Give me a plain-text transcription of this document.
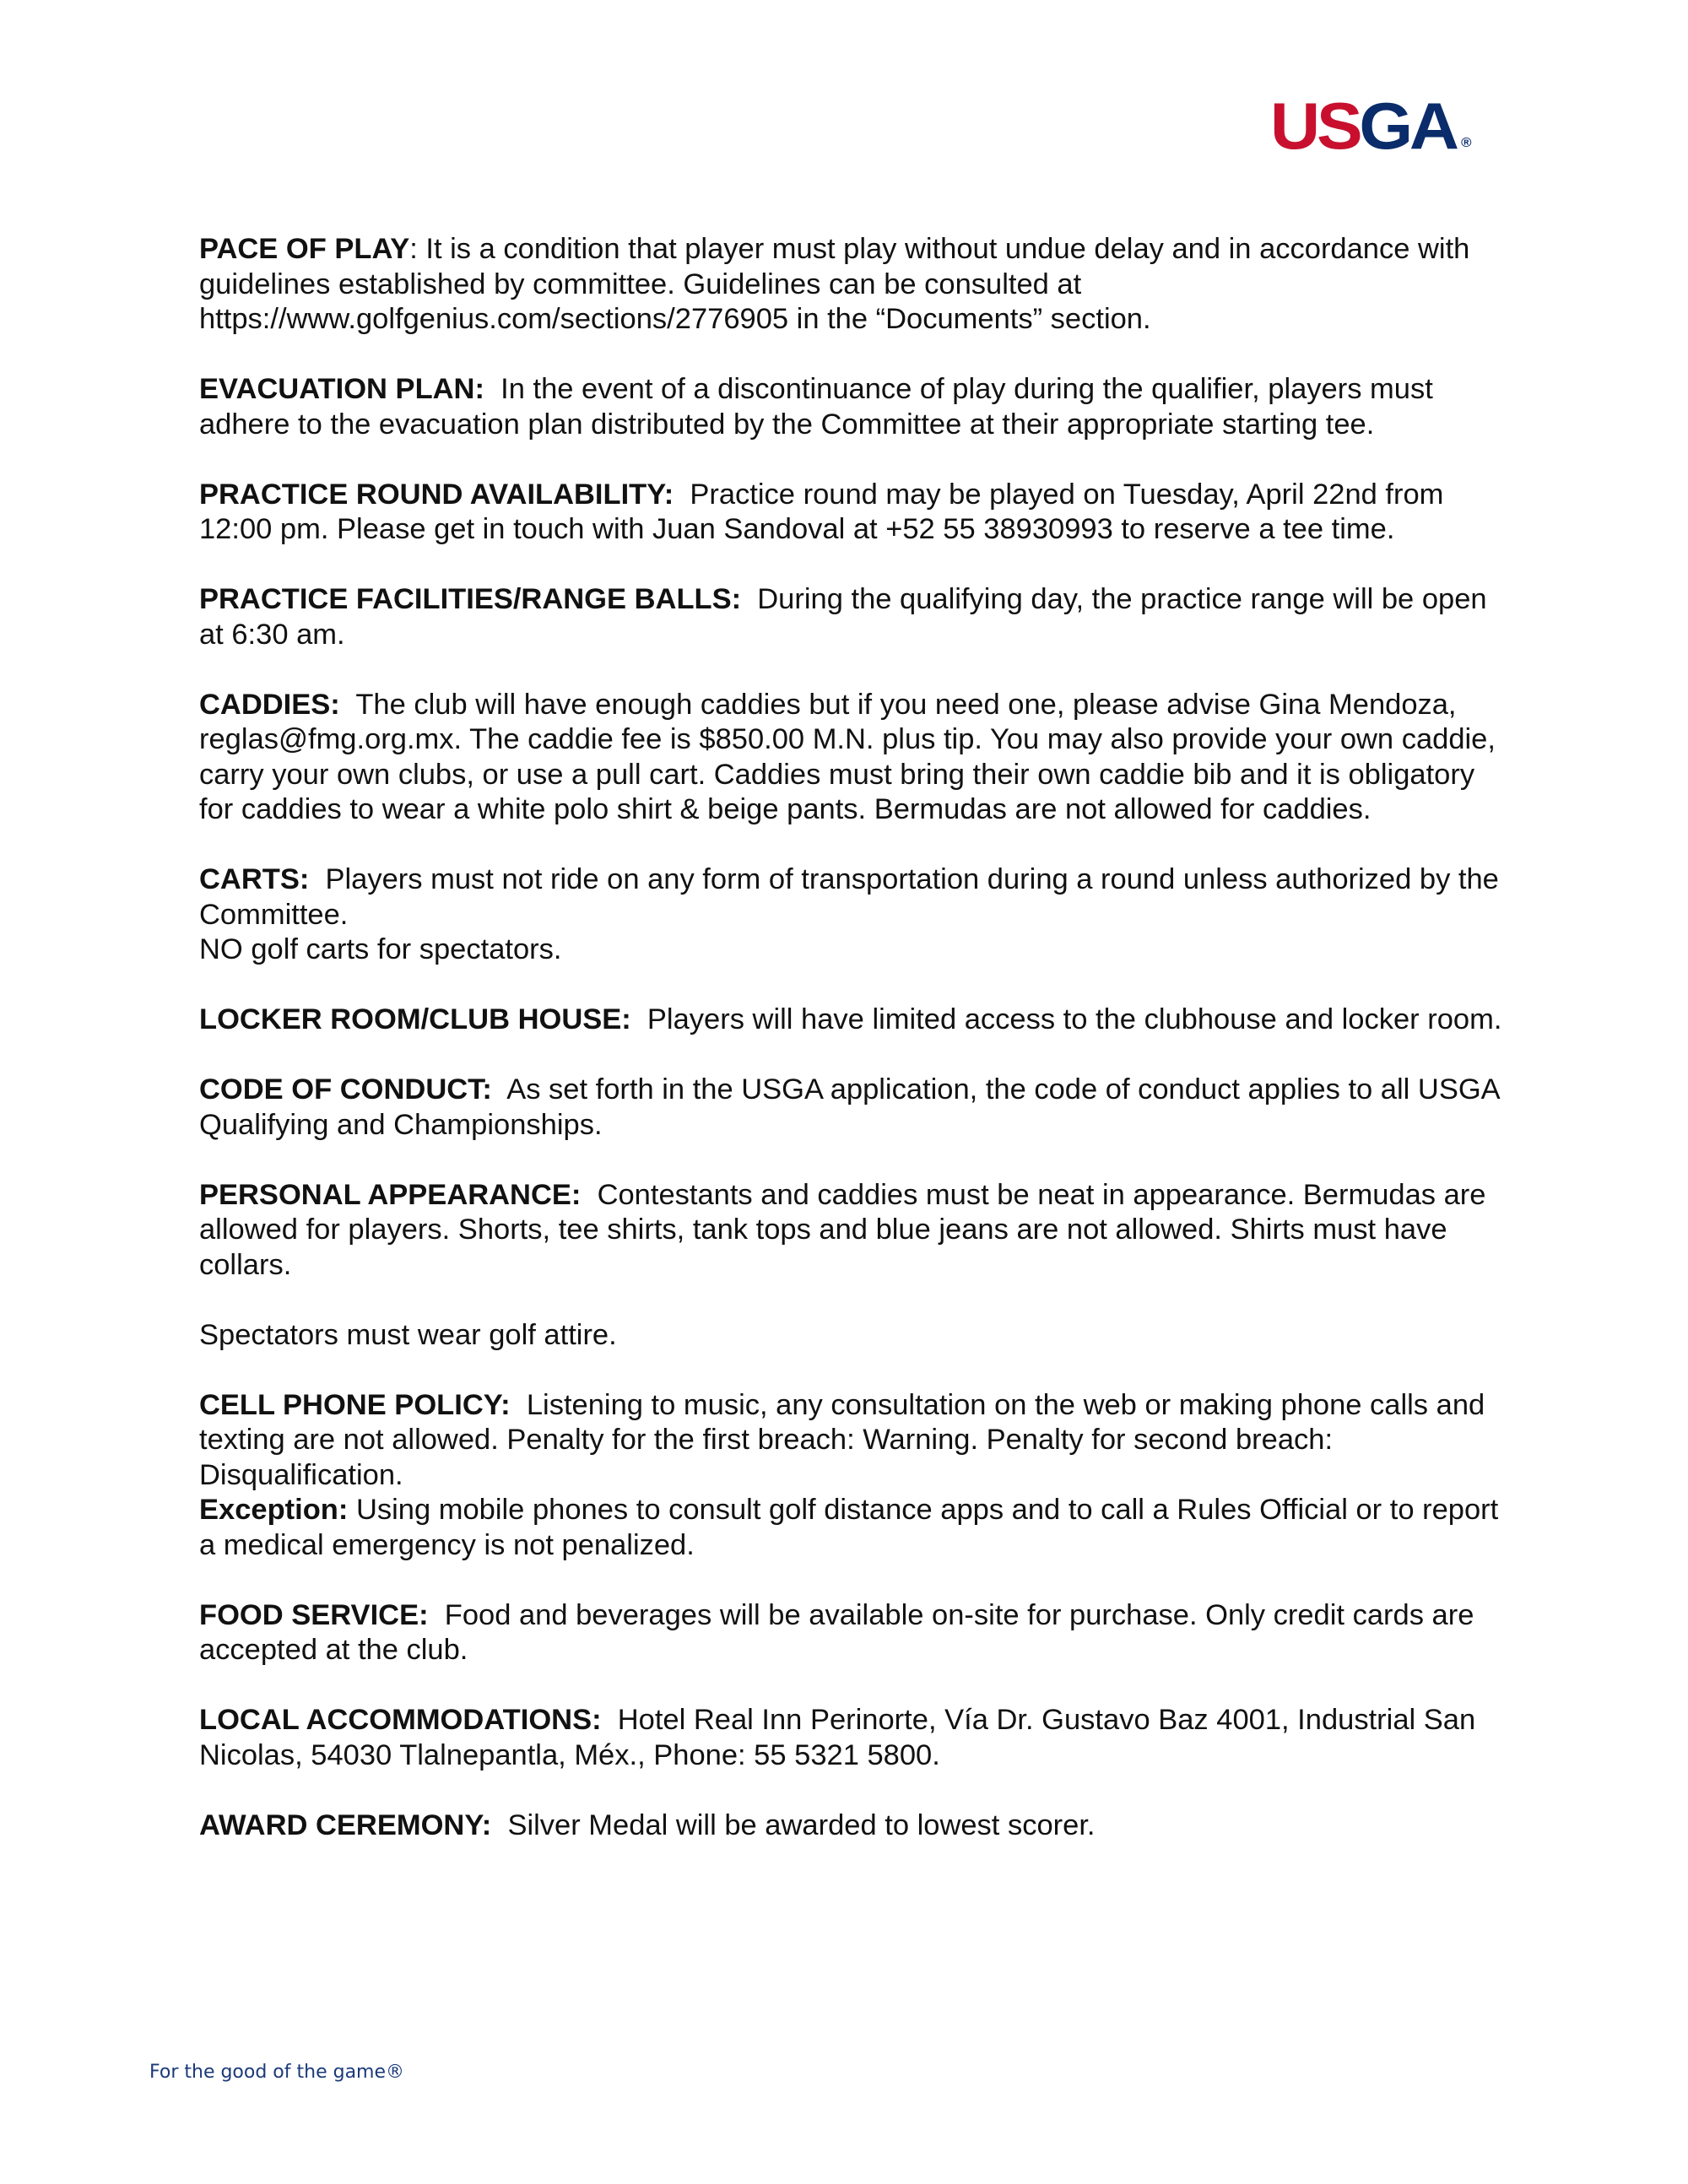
USGA ®

PACE OF PLAY: It is a condition that player must play without undue delay and in accordance with guidelines established by committee. Guidelines can be consulted at https://www.golfgenius.com/sections/2776905 in the “Documents” section.

EVACUATION PLAN: In the event of a discontinuance of play during the qualifier, players must adhere to the evacuation plan distributed by the Committee at their appropriate starting tee.

PRACTICE ROUND AVAILABILITY: Practice round may be played on Tuesday, April 22nd from 12:00 pm. Please get in touch with Juan Sandoval at +52 55 38930993 to reserve a tee time.

PRACTICE FACILITIES/RANGE BALLS: During the qualifying day, the practice range will be open at 6:30 am.

CADDIES: The club will have enough caddies but if you need one, please advise Gina Mendoza, reglas@fmg.org.mx. The caddie fee is $850.00 M.N. plus tip. You may also provide your own caddie, carry your own clubs, or use a pull cart. Caddies must bring their own caddie bib and it is obligatory for caddies to wear a white polo shirt & beige pants. Bermudas are not allowed for caddies.

CARTS: Players must not ride on any form of transportation during a round unless authorized by the Committee.
NO golf carts for spectators.

LOCKER ROOM/CLUB HOUSE: Players will have limited access to the clubhouse and locker room.

CODE OF CONDUCT: As set forth in the USGA application, the code of conduct applies to all USGA Qualifying and Championships.

PERSONAL APPEARANCE: Contestants and caddies must be neat in appearance. Bermudas are allowed for players. Shorts, tee shirts, tank tops and blue jeans are not allowed. Shirts must have collars.

Spectators must wear golf attire.

CELL PHONE POLICY: Listening to music, any consultation on the web or making phone calls and texting are not allowed. Penalty for the first breach: Warning. Penalty for second breach: Disqualification.
Exception: Using mobile phones to consult golf distance apps and to call a Rules Official or to report a medical emergency is not penalized.

FOOD SERVICE: Food and beverages will be available on-site for purchase. Only credit cards are accepted at the club.

LOCAL ACCOMMODATIONS: Hotel Real Inn Perinorte, Vía Dr. Gustavo Baz 4001, Industrial San Nicolas, 54030 Tlalnepantla, Méx., Phone: 55 5321 5800.

AWARD CEREMONY: Silver Medal will be awarded to lowest scorer.

For the good of the game®
